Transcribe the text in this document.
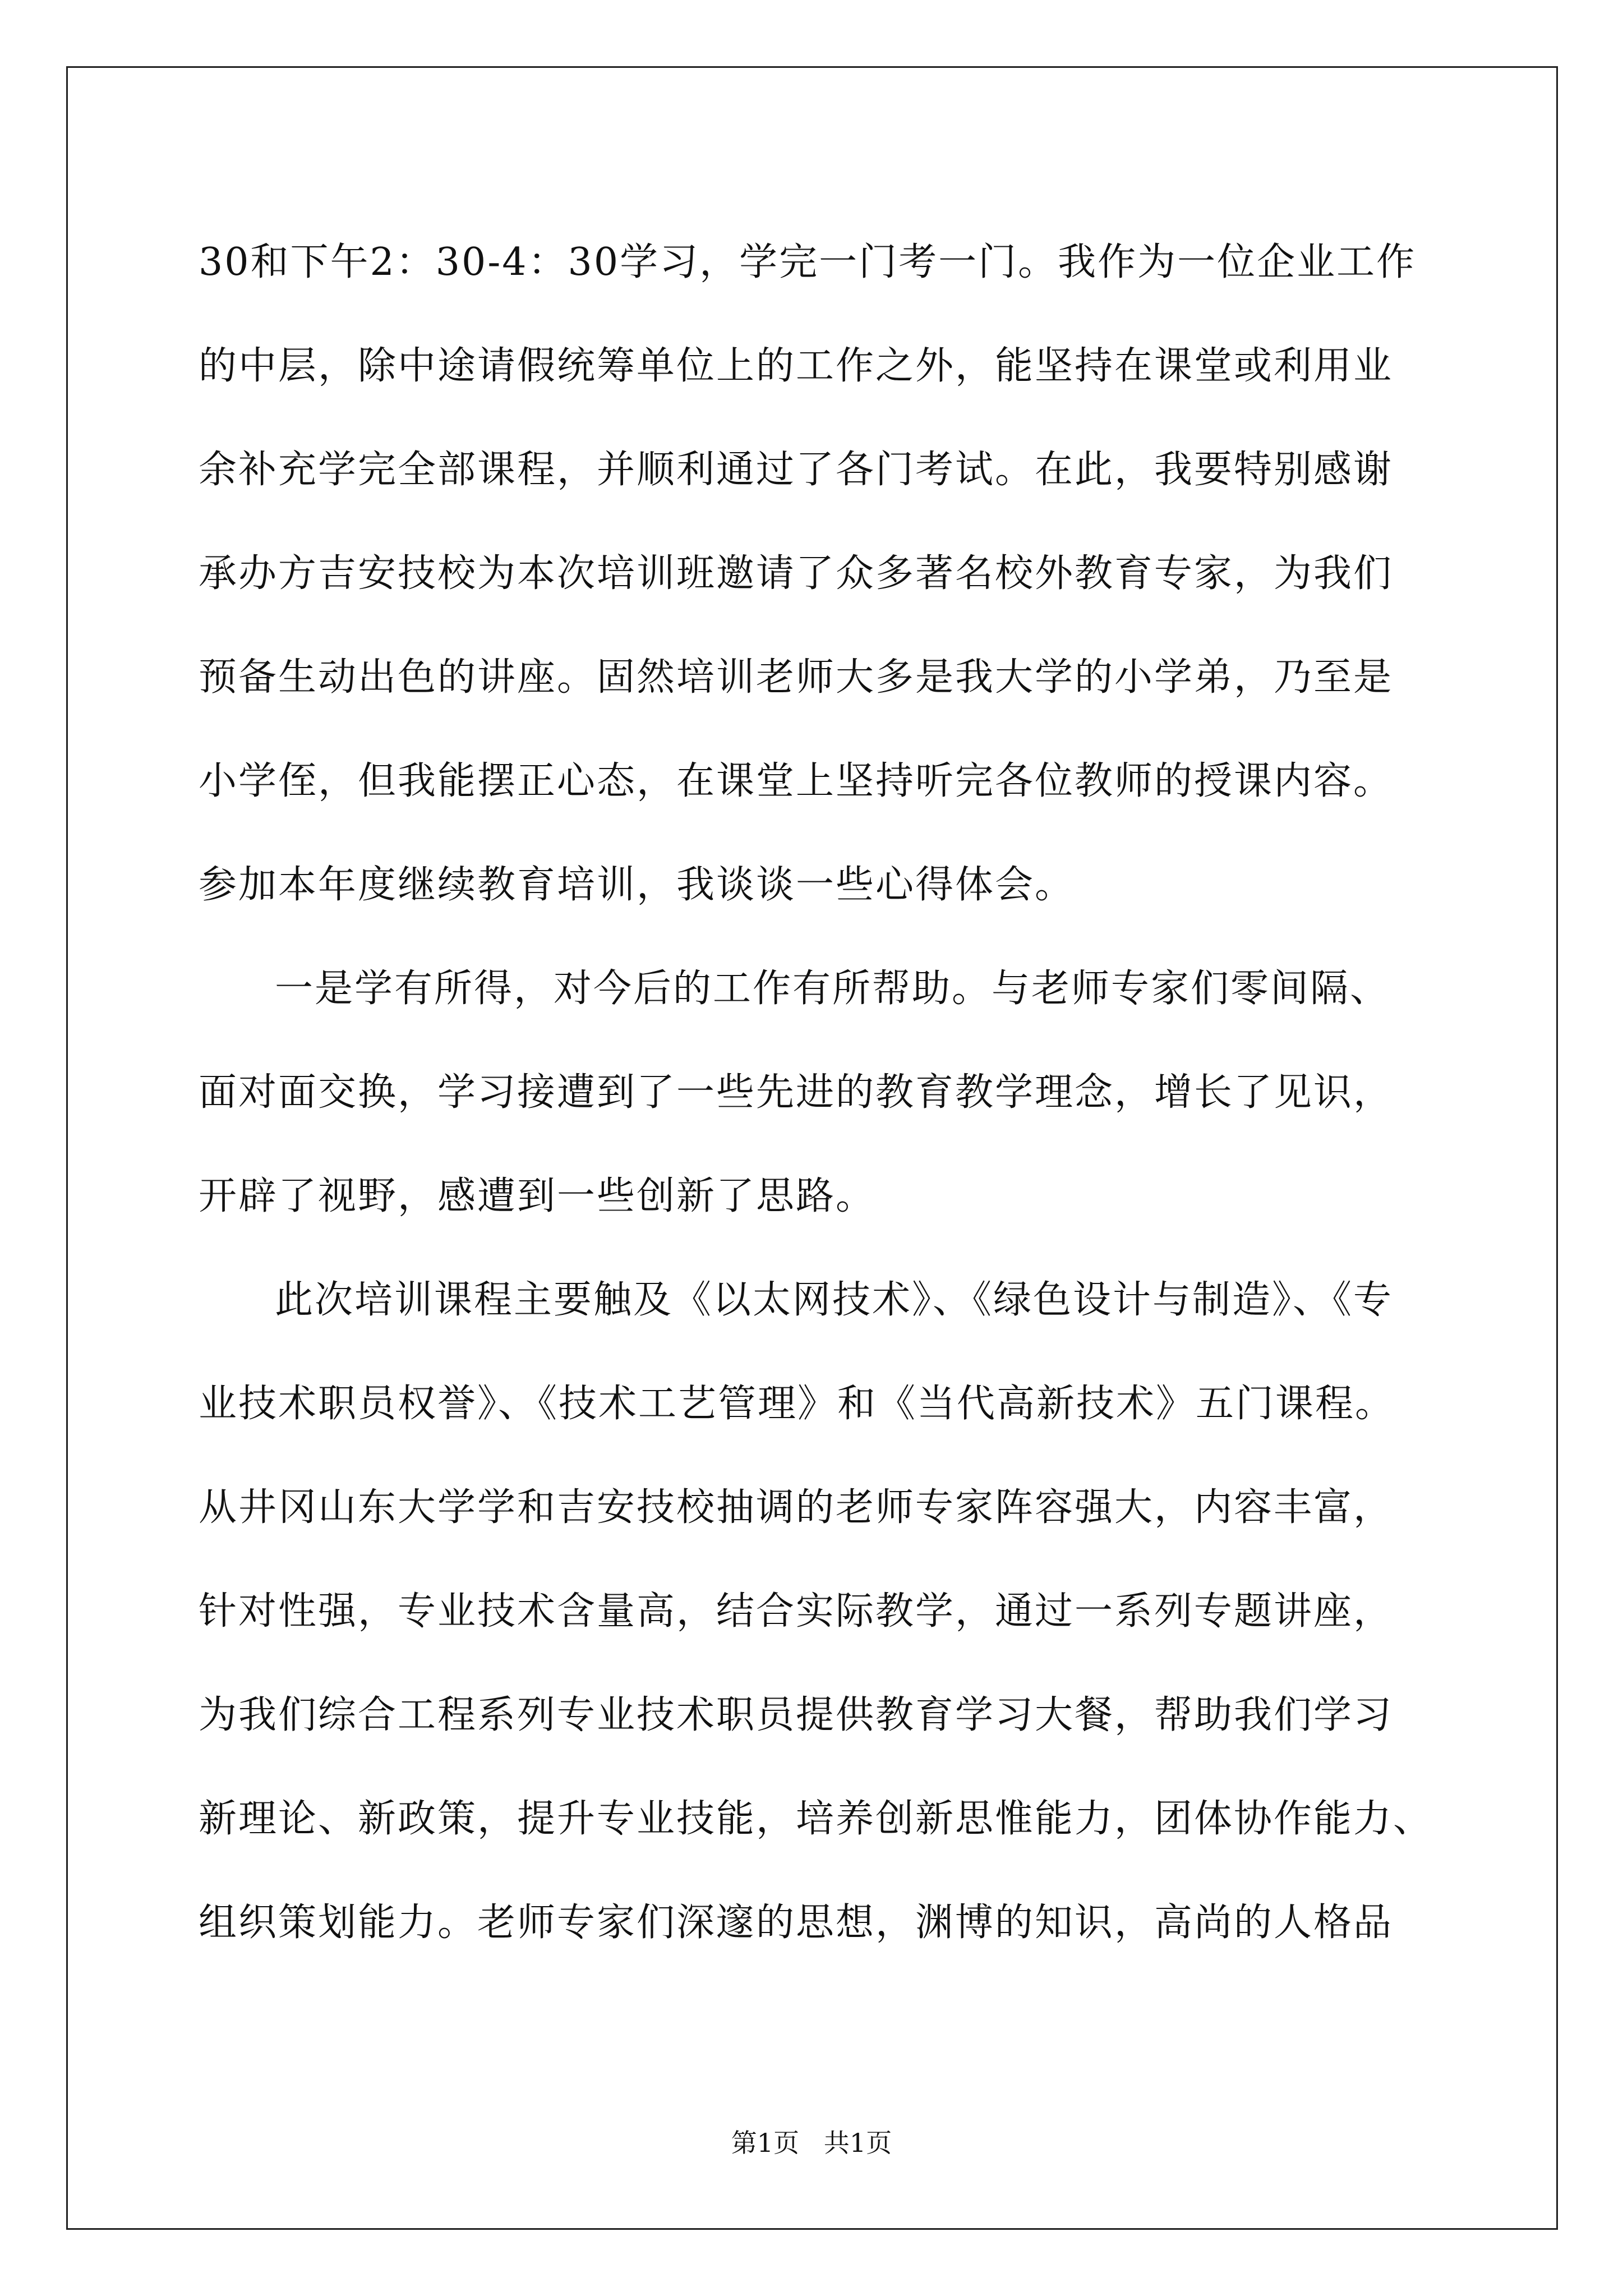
30和下午2：30-4：30学习，学完一门考一门。我作为一位企业工作
的中层，除中途请假统筹单位上的工作之外，能坚持在课堂或利用业
余补充学完全部课程，并顺利通过了各门考试。在此，我要特别感谢
承办方吉安技校为本次培训班邀请了众多著名校外教育专家，为我们
预备生动出色的讲座。固然培训老师大多是我大学的小学弟，乃至是
小学侄，但我能摆正心态，在课堂上坚持听完各位教师的授课内容。
参加本年度继续教育培训，我谈谈一些心得体会。
一是学有所得，对今后的工作有所帮助。与老师专家们零间隔、
面对面交换，学习接遭到了一些先进的教育教学理念，增长了见识，
开辟了视野，感遭到一些创新了思路。
此次培训课程主要触及《以太网技术》、《绿色设计与制造》、《专
业技术职员权誉》、《技术工艺管理》和《当代高新技术》五门课程。
从井冈山东大学学和吉安技校抽调的老师专家阵容强大，内容丰富，
针对性强，专业技术含量高，结合实际教学，通过一系列专题讲座，
为我们综合工程系列专业技术职员提供教育学习大餐，帮助我们学习
新理论、新政策，提升专业技能，培养创新思惟能力，团体协作能力、
组织策划能力。老师专家们深邃的思想，渊博的知识，高尚的人格品
第1页   共1页
